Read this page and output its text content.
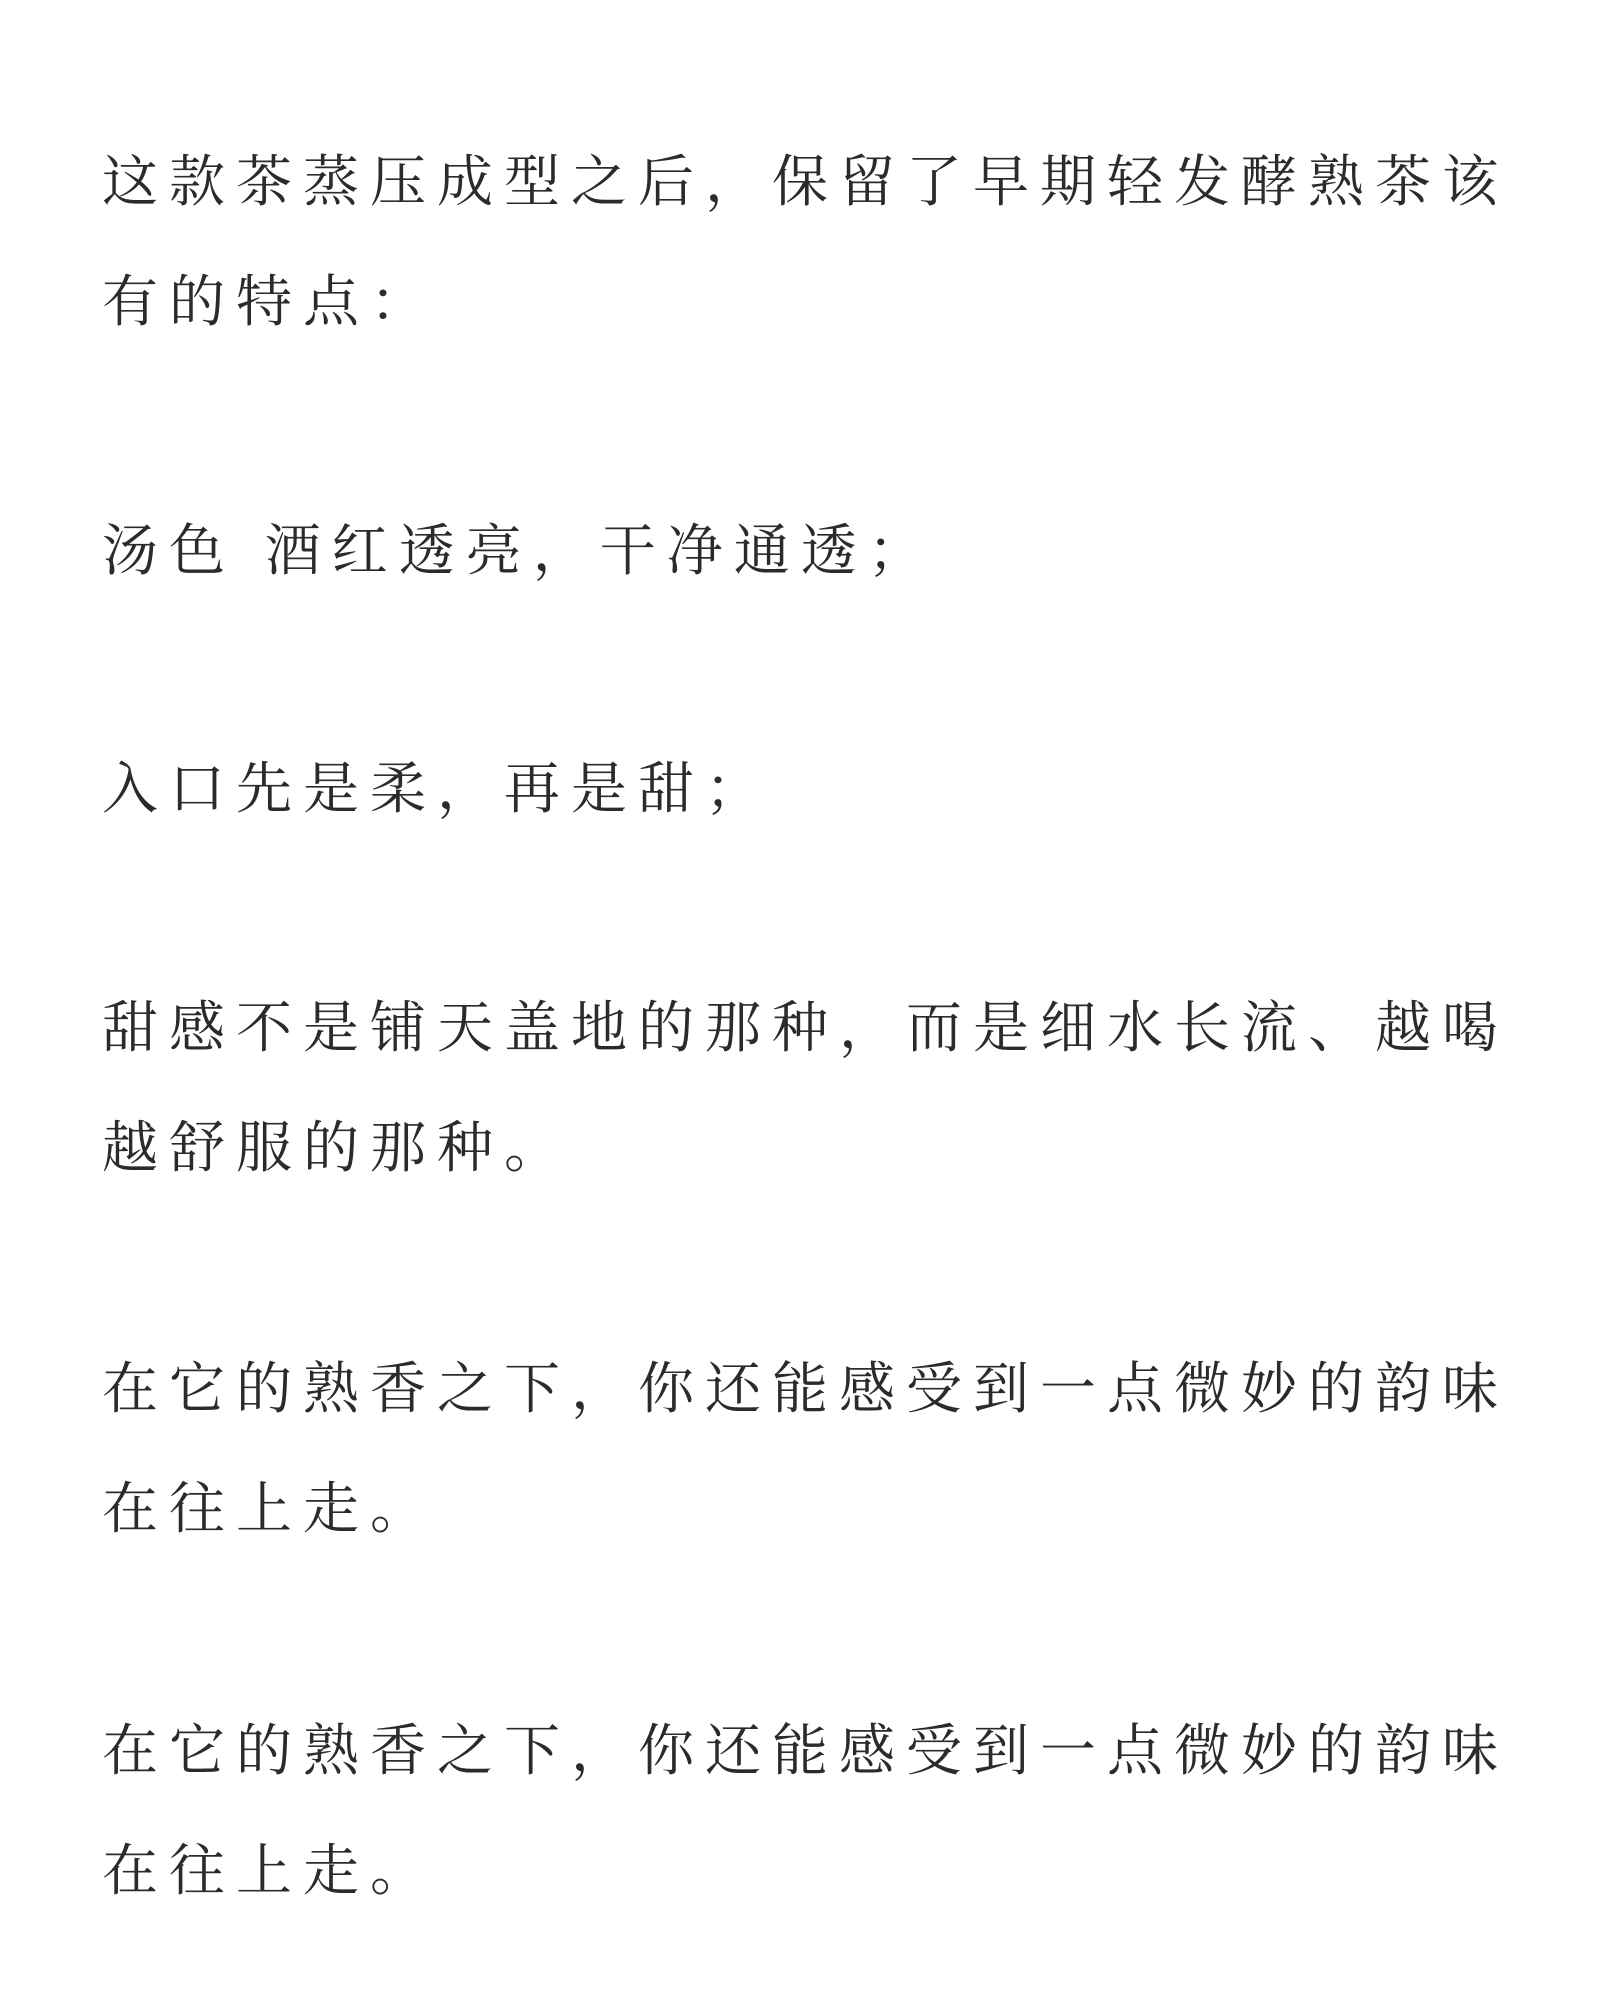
这款茶蒸压成型之后，保留了早期轻发酵熟茶该
有的特点：

汤色 酒红透亮，干净通透；

入口先是柔，再是甜；

甜感不是铺天盖地的那种，而是细水长流、越喝
越舒服的那种。

在它的熟香之下，你还能感受到一点微妙的韵味
在往上走。

在它的熟香之下，你还能感受到一点微妙的韵味
在往上走。
